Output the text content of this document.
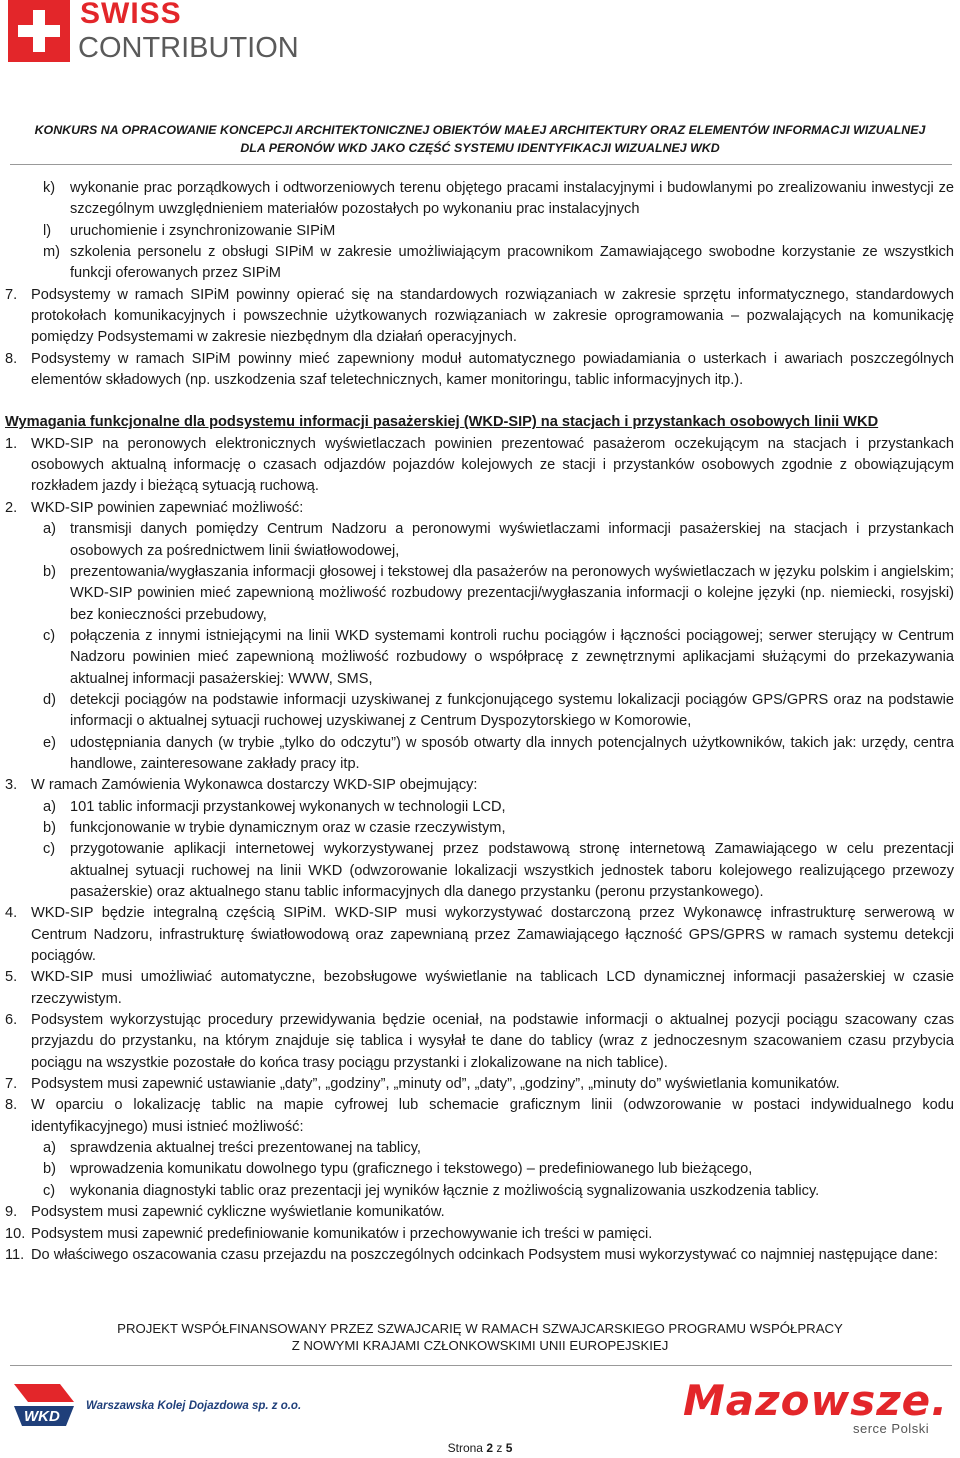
SWISS
CONTRIBUTION
KONKURS NA OPRACOWANIE KONCEPCJI ARCHITEKTONICZNEJ OBIEKTÓW MAŁEJ ARCHITEKTURY ORAZ ELEMENTÓW INFORMACJI WIZUALNEJ
DLA PERONÓW WKD JAKO CZĘŚĆ SYSTEMU IDENTYFIKACJI WIZUALNEJ WKD
k) wykonanie prac porządkowych i odtworzeniowych terenu objętego pracami instalacyjnymi i budowlanymi po zrealizowaniu inwestycji ze szczególnym uwzględnieniem materiałów pozostałych po wykonaniu prac instalacyjnych
l) uruchomienie i zsynchronizowanie SIPiM
m) szkolenia personelu z obsługi SIPiM w zakresie umożliwiającym pracownikom Zamawiającego swobodne korzystanie ze wszystkich funkcji oferowanych przez SIPiM
7. Podsystemy w ramach SIPiM powinny opierać się na standardowych rozwiązaniach w zakresie sprzętu informatycznego, standardowych protokołach komunikacyjnych i powszechnie użytkowanych rozwiązaniach w zakresie oprogramowania – pozwalających na komunikację pomiędzy Podsystemami w zakresie niezbędnym dla działań operacyjnych.
8. Podsystemy w ramach SIPiM powinny mieć zapewniony moduł automatycznego powiadamiania o usterkach i awariach poszczególnych elementów składowych (np. uszkodzenia szaf teletechnicznych, kamer monitoringu, tablic informacyjnych itp.).
Wymagania funkcjonalne dla podsystemu informacji pasażerskiej (WKD-SIP) na stacjach i przystankach osobowych linii WKD
1. WKD-SIP na peronowych elektronicznych wyświetlaczach powinien prezentować pasażerom oczekującym na stacjach i przystankach osobowych aktualną informację o czasach odjazdów pojazdów kolejowych ze stacji i przystanków osobowych zgodnie z obowiązującym rozkładem jazdy i bieżącą sytuacją ruchową.
2. WKD-SIP powinien zapewniać możliwość:
a) transmisji danych pomiędzy Centrum Nadzoru a peronowymi wyświetlaczami informacji pasażerskiej na stacjach i przystankach osobowych za pośrednictwem linii światłowodowej,
b) prezentowania/wygłaszania informacji głosowej i tekstowej dla pasażerów na peronowych wyświetlaczach w języku polskim i angielskim; WKD-SIP powinien mieć zapewnioną możliwość rozbudowy prezentacji/wygłaszania informacji o kolejne języki (np. niemiecki, rosyjski) bez konieczności przebudowy,
c) połączenia z innymi istniejącymi na linii WKD systemami kontroli ruchu pociągów i łączności pociągowej; serwer sterujący w Centrum Nadzoru powinien mieć zapewnioną możliwość rozbudowy o współpracę z zewnętrznymi aplikacjami służącymi do przekazywania aktualnej informacji pasażerskiej: WWW, SMS,
d) detekcji pociągów na podstawie informacji uzyskiwanej z funkcjonującego systemu lokalizacji pociągów GPS/GPRS oraz na podstawie informacji o aktualnej sytuacji ruchowej uzyskiwanej z Centrum Dyspozytorskiego w Komorowie,
e) udostępniania danych (w trybie „tylko do odczytu”) w sposób otwarty dla innych potencjalnych użytkowników, takich jak: urzędy, centra handlowe, zainteresowane zakłady pracy itp.
3. W ramach Zamówienia Wykonawca dostarczy WKD-SIP obejmujący:
a) 101 tablic informacji przystankowej wykonanych w technologii LCD,
b) funkcjonowanie w trybie dynamicznym oraz w czasie rzeczywistym,
c) przygotowanie aplikacji internetowej wykorzystywanej przez podstawową stronę internetową Zamawiającego w celu prezentacji aktualnej sytuacji ruchowej na linii WKD (odwzorowanie lokalizacji wszystkich jednostek taboru kolejowego realizującego przewozy pasażerskie) oraz aktualnego stanu tablic informacyjnych dla danego przystanku (peronu przystankowego).
4. WKD-SIP będzie integralną częścią SIPiM. WKD-SIP musi wykorzystywać dostarczoną przez Wykonawcę infrastrukturę serwerową w Centrum Nadzoru, infrastrukturę światłowodową oraz zapewnianą przez Zamawiającego łączność GPS/GPRS w ramach systemu detekcji pociągów.
5. WKD-SIP musi umożliwiać automatyczne, bezobsługowe wyświetlanie na tablicach LCD dynamicznej informacji pasażerskiej w czasie rzeczywistym.
6. Podsystem wykorzystując procedury przewidywania będzie oceniał, na podstawie informacji o aktualnej pozycji pociągu szacowany czas przyjazdu do przystanku, na którym znajduje się tablica i wysyłał te dane do tablicy (wraz z jednoczesnym szacowaniem czasu przybycia pociągu na wszystkie pozostałe do końca trasy pociągu przystanki i zlokalizowane na nich tablice).
7. Podsystem musi zapewnić ustawianie „daty”, „godziny”, „minuty od”, „daty”, „godziny”, „minuty do” wyświetlania komunikatów.
8. W oparciu o lokalizację tablic na mapie cyfrowej lub schemacie graficznym linii (odwzorowanie w postaci indywidualnego kodu identyfikacyjnego) musi istnieć możliwość:
a) sprawdzenia aktualnej treści prezentowanej na tablicy,
b) wprowadzenia komunikatu dowolnego typu (graficznego i tekstowego) – predefiniowanego lub bieżącego,
c) wykonania diagnostyki tablic oraz prezentacji jej wyników łącznie z możliwością sygnalizowania uszkodzenia tablicy.
9. Podsystem musi zapewnić cykliczne wyświetlanie komunikatów.
10. Podsystem musi zapewnić predefiniowanie komunikatów i przechowywanie ich treści w pamięci.
11. Do właściwego oszacowania czasu przejazdu na poszczególnych odcinkach Podsystem musi wykorzystywać co najmniej następujące dane:
PROJEKT WSPÓŁFINANSOWANY PRZEZ SZWAJCARIĘ W RAMACH SZWAJCARSKIEGO PROGRAMU WSPÓŁPRACY
Z NOWYMI KRAJAMI CZŁONKOWSKIMI UNII EUROPEJSKIEJ
WKD
Warszawska Kolej Dojazdowa sp. z o.o.	Mazowsze.
serce Polski
Strona 2 z 5
